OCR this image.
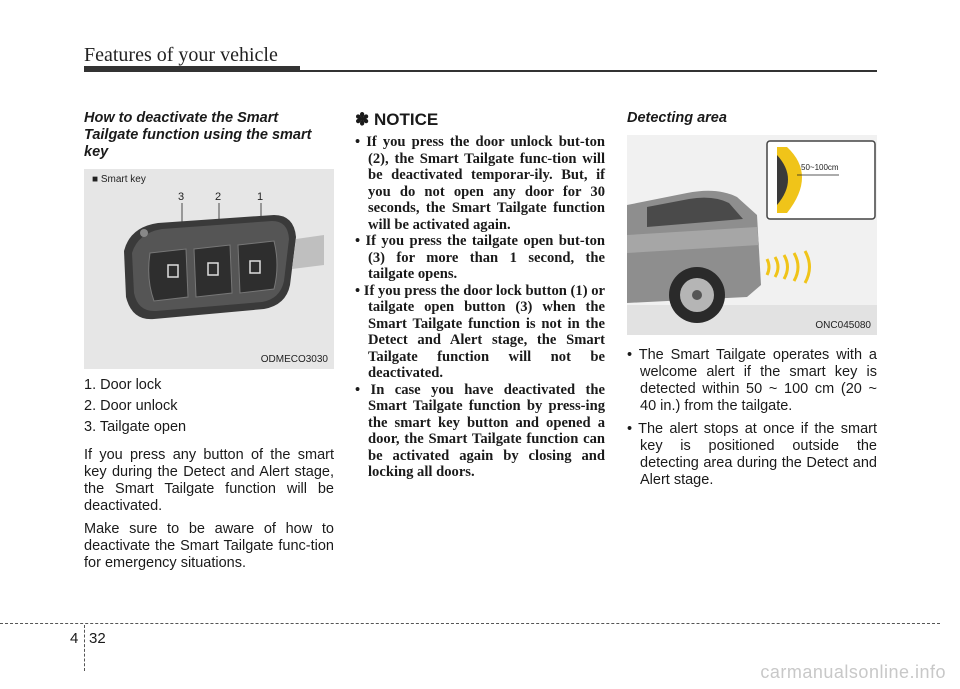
Features of your vehicle
How to deactivate the Smart Tailgate function using the smart key
■ Smart key
3	2	1
ODMECO3030
1. Door lock
2. Door unlock
3. Tailgate open

If you press any button of the smart key during the Detect and Alert stage, the Smart Tailgate function will be deactivated.

Make sure to be aware of how to deactivate the Smart Tailgate func-tion for emergency situations.

✽ NOTICE
• If you press the door unlock but-ton (2), the Smart Tailgate func-tion will be deactivated temporar-ily. But, if you do not open any door for 30 seconds, the Smart Tailgate function will be activated again.
• If you press the tailgate open but-ton (3) for more than 1 second, the tailgate opens.
• If you press the door lock button (1) or tailgate open button (3) when the Smart Tailgate function is not in the Detect and Alert stage, the Smart Tailgate function will not be deactivated.
• In case you have deactivated the Smart Tailgate function by press-ing the smart key button and opened a door, the Smart Tailgate function can be activated again by closing and locking all doors.
Detecting area
50~100cm
ONC045080
• The Smart Tailgate operates with a welcome alert if the smart key is detected within 50 ~ 100 cm (20 ~ 40 in.) from the tailgate.
• The alert stops at once if the smart key is positioned outside the detecting area during the Detect and Alert stage.
4 32
carmanualsonline.info
